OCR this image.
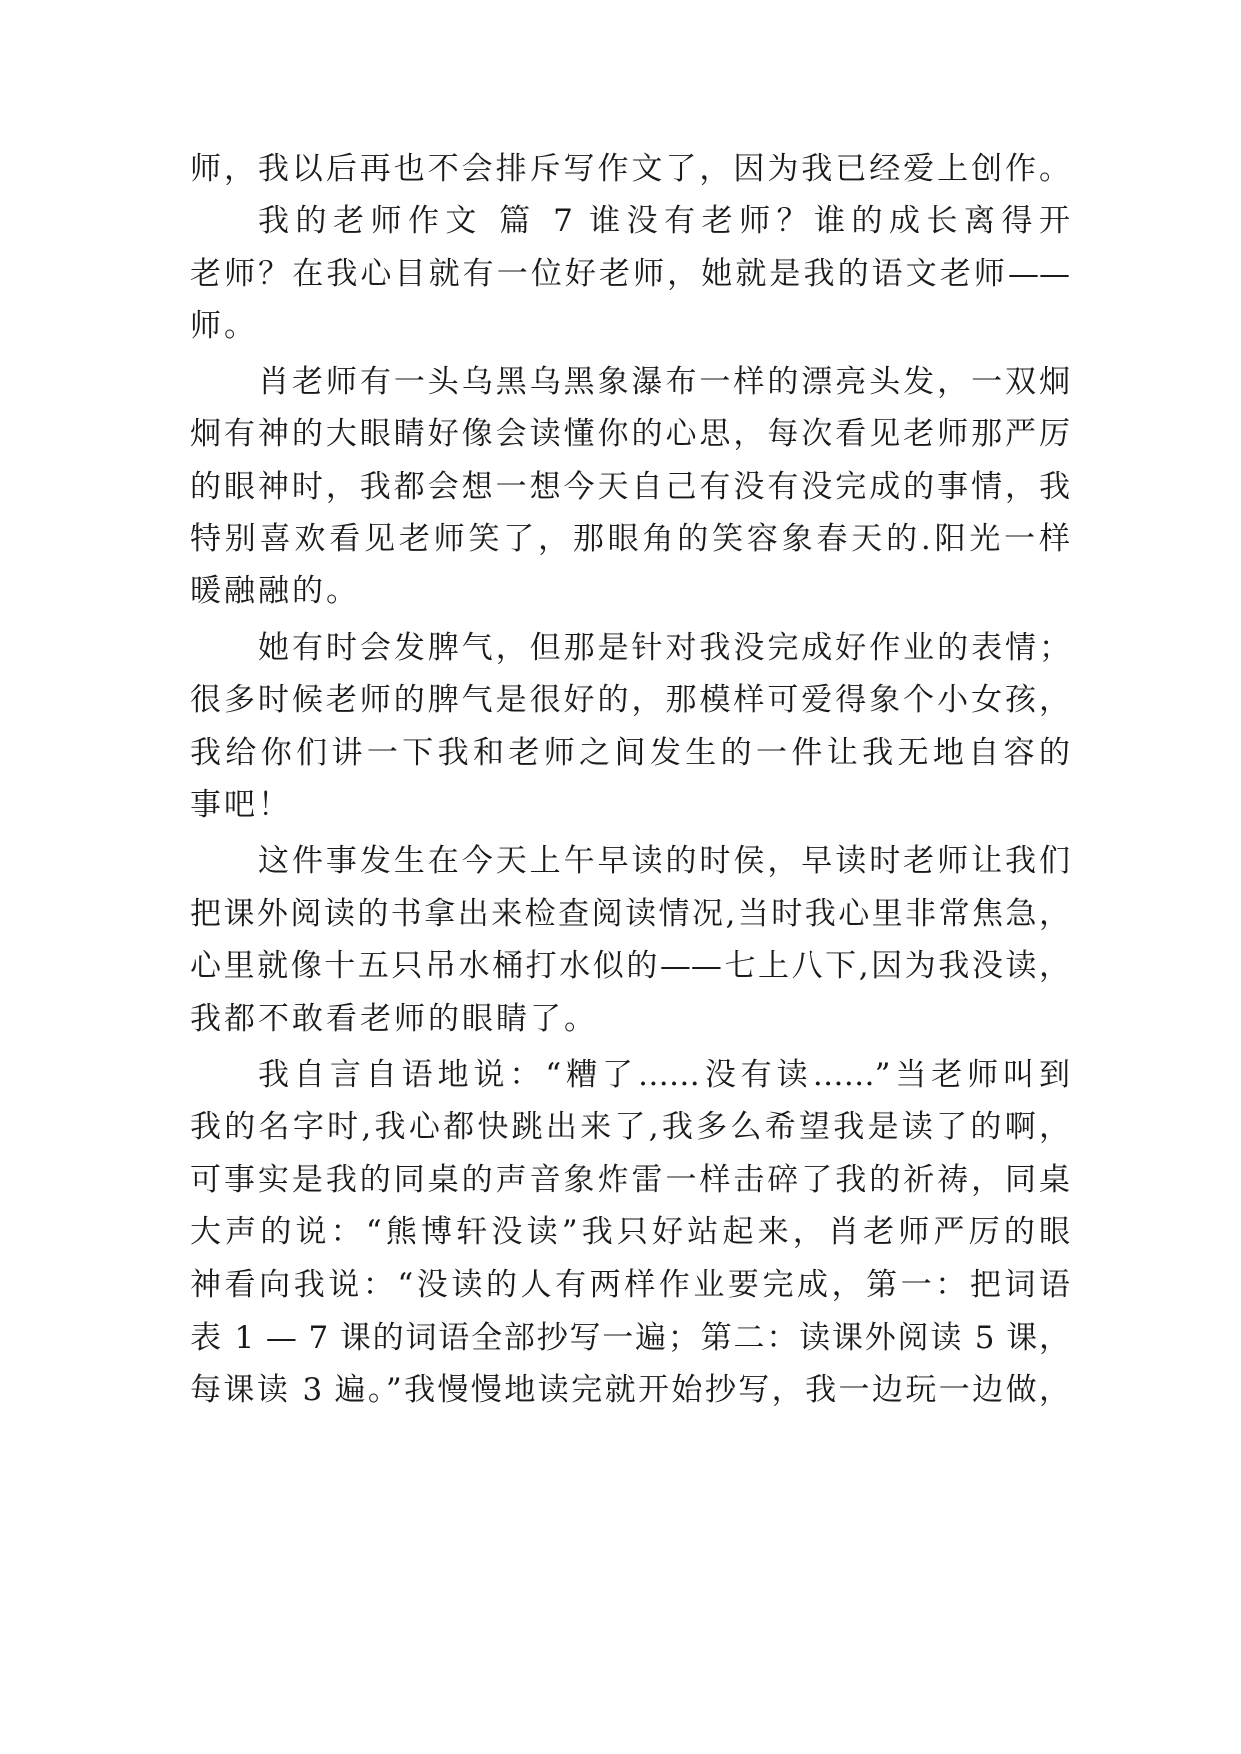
师，我以后再也不会排斥写作文了，因为我已经爱上创作。

我的老师作文 篇 7 谁没有老师？谁的成长离得开

老师？在我心目就有一位好老师，她就是我的语文老师——

师。

肖老师有一头乌黑乌黑象瀑布一样的漂亮头发，一双炯

炯有神的大眼睛好像会读懂你的心思，每次看见老师那严厉

的眼神时，我都会想一想今天自己有没有没完成的事情，我

特别喜欢看见老师笑了，那眼角的笑容象春天的.阳光一样

暖融融的。

她有时会发脾气，但那是针对我没完成好作业的表情；

很多时候老师的脾气是很好的，那模样可爱得象个小女孩，

我给你们讲一下我和老师之间发生的一件让我无地自容的

事吧！

这件事发生在今天上午早读的时侯，早读时老师让我们

把课外阅读的书拿出来检查阅读情况,当时我心里非常焦急，

心里就像十五只吊水桶打水似的——七上八下,因为我没读，

我都不敢看老师的眼睛了。

我自言自语地说：“糟了……没有读……”当老师叫到

我的名字时,我心都快跳出来了,我多么希望我是读了的啊，

可事实是我的同桌的声音象炸雷一样击碎了我的祈祷，同桌

大声的说：“熊博轩没读”我只好站起来，肖老师严厉的眼

神看向我说：“没读的人有两样作业要完成，第一：把词语

表 1 — 7 课的词语全部抄写一遍；第二：读课外阅读 5 课，

每课读 3 遍。”我慢慢地读完就开始抄写，我一边玩一边做，
